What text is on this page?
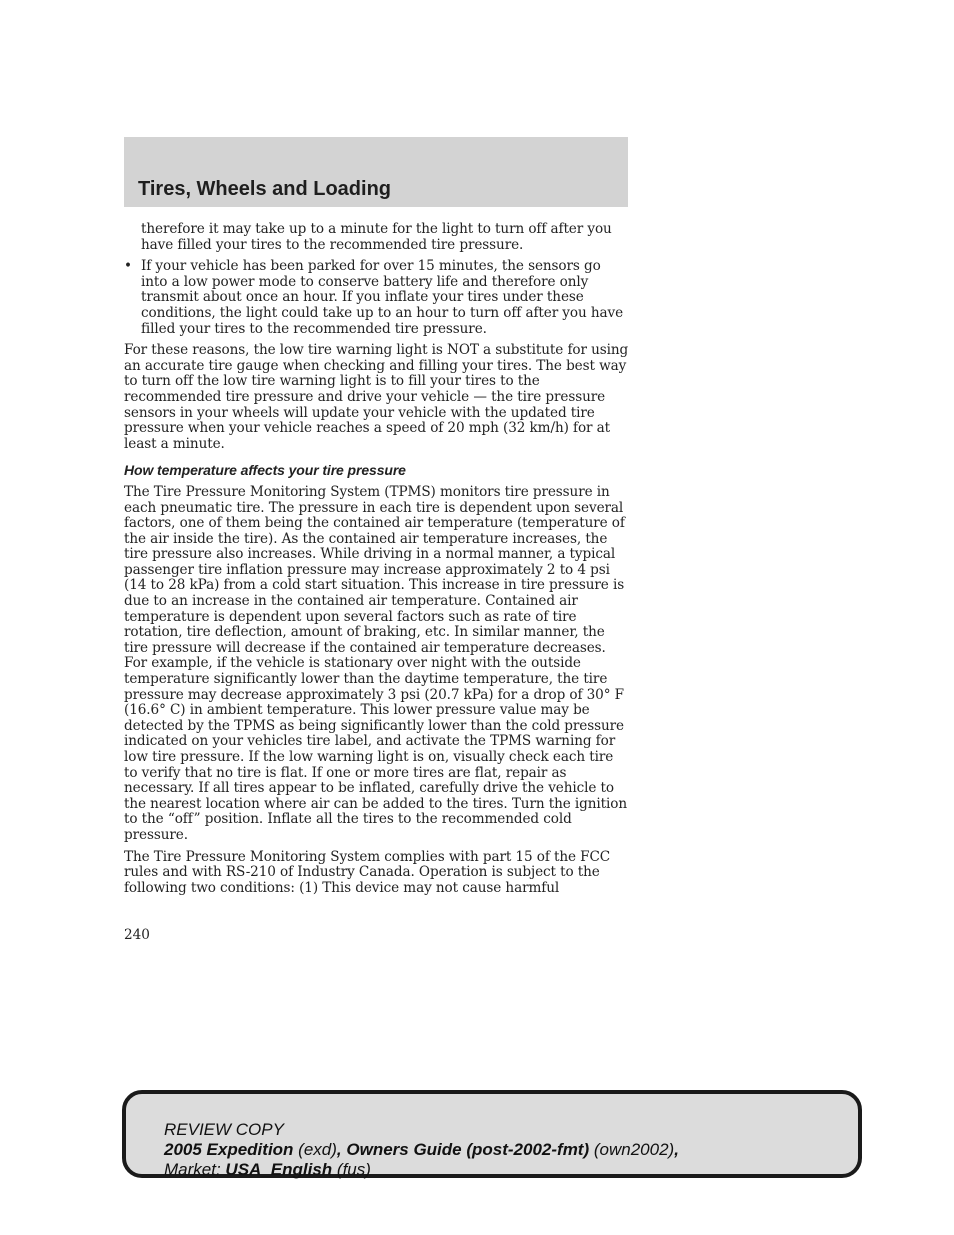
Tires, Wheels and Loading

therefore it may take up to a minute for the light to turn off after you have filled your tires to the recommended tire pressure.

• If your vehicle has been parked for over 15 minutes, the sensors go into a low power mode to conserve battery life and therefore only transmit about once an hour. If you inflate your tires under these conditions, the light could take up to an hour to turn off after you have filled your tires to the recommended tire pressure.

For these reasons, the low tire warning light is NOT a substitute for using an accurate tire gauge when checking and filling your tires. The best way to turn off the low tire warning light is to fill your tires to the recommended tire pressure and drive your vehicle — the tire pressure sensors in your wheels will update your vehicle with the updated tire pressure when your vehicle reaches a speed of 20 mph (32 km/h) for at least a minute.

How temperature affects your tire pressure

The Tire Pressure Monitoring System (TPMS) monitors tire pressure in each pneumatic tire. The pressure in each tire is dependent upon several factors, one of them being the contained air temperature (temperature of the air inside the tire). As the contained air temperature increases, the tire pressure also increases. While driving in a normal manner, a typical passenger tire inflation pressure may increase approximately 2 to 4 psi (14 to 28 kPa) from a cold start situation. This increase in tire pressure is due to an increase in the contained air temperature. Contained air temperature is dependent upon several factors such as rate of tire rotation, tire deflection, amount of braking, etc. In similar manner, the tire pressure will decrease if the contained air temperature decreases. For example, if the vehicle is stationary over night with the outside temperature significantly lower than the daytime temperature, the tire pressure may decrease approximately 3 psi (20.7 kPa) for a drop of 30° F (16.6° C) in ambient temperature. This lower pressure value may be detected by the TPMS as being significantly lower than the cold pressure indicated on your vehicles tire label, and activate the TPMS warning for low tire pressure. If the low warning light is on, visually check each tire to verify that no tire is flat. If one or more tires are flat, repair as necessary. If all tires appear to be inflated, carefully drive the vehicle to the nearest location where air can be added to the tires. Turn the ignition to the “off” position. Inflate all the tires to the recommended cold pressure.

The Tire Pressure Monitoring System complies with part 15 of the FCC rules and with RS-210 of Industry Canada. Operation is subject to the following two conditions: (1) This device may not cause harmful

240
REVIEW COPY
2005 Expedition (exd), Owners Guide (post-2002-fmt) (own2002),
Market: USA_English (fus)
